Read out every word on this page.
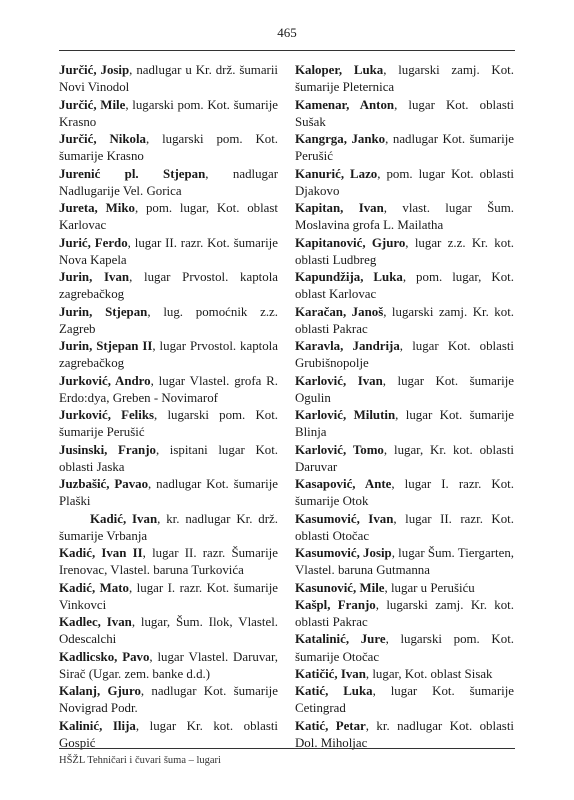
465

Jurčić, Josip, nadlugar u Kr. drž. šumarii Novi Vinodol

Jurčić, Mile, lugarski pom. Kot. šumarije Krasno

Jurčić, Nikola, lugarski pom. Kot. šumarije Krasno

Jurenić pl. Stjepan, nadlugar Nadlugarije Vel. Gorica

Jureta, Miko, pom. lugar, Kot. oblast Karlovac

Jurić, Ferdo, lugar II. razr. Kot. šumarije Nova Kapela

Jurin, Ivan, lugar Prvostol. kaptola zagrebačkog

Jurin, Stjepan, lug. pomoćnik z.z. Zagreb

Jurin, Stjepan II, lugar Prvostol. kaptola zagrebačkog

Jurković, Andro, lugar Vlastel. grofa R. Erdo:dya, Greben - Novimarof

Jurković, Feliks, lugarski pom. Kot. šumarije Perušić

Jusinski, Franjo, ispitani lugar Kot. oblasti Jaska

Juzbašić, Pavao, nadlugar Kot. šumarije Plaški

Kadić, Ivan, kr. nadlugar Kr. drž. šumarije Vrbanja

Kadić, Ivan II, lugar II. razr. Šumarije Irenovac, Vlastel. baruna Turkovića

Kadić, Mato, lugar I. razr. Kot. šumarije Vinkovci

Kadlec, Ivan, lugar, Šum. Ilok, Vlastel. Odescalchi

Kadlicsko, Pavo, lugar Vlastel. Daruvar, Sirač (Ugar. zem. banke d.d.)

Kalanj, Gjuro, nadlugar Kot. šumarije Novigrad Podr.

Kalinić, Ilija, lugar Kr. kot. oblasti Gospić

Kaloper, Luka, lugarski zamj. Kot. šumarije Pleternica

Kamenar, Anton, lugar Kot. oblasti Sušak

Kangrga, Janko, nadlugar Kot. šumarije Perušić

Kanurić, Lazo, pom. lugar Kot. oblasti Djakovo

Kapitan, Ivan, vlast. lugar Šum. Moslavina grofa L. Mailatha

Kapitanović, Gjuro, lugar z.z. Kr. kot. oblasti Ludbreg

Kapundžija, Luka, pom. lugar, Kot. oblast Karlovac

Karačan, Janoš, lugarski zamj. Kr. kot. oblasti Pakrac

Karavla, Jandrija, lugar Kot. oblasti Grubišnopolje

Karlović, Ivan, lugar Kot. šumarije Ogulin

Karlović, Milutin, lugar Kot. šumarije Blinja

Karlović, Tomo, lugar, Kr. kot. oblasti Daruvar

Kasapović, Ante, lugar I. razr. Kot. šumarije Otok

Kasumović, Ivan, lugar II. razr. Kot. oblasti Otočac

Kasumović, Josip, lugar Šum. Tiergarten, Vlastel. baruna Gutmanna

Kasunović, Mile, lugar u Perušiću

Kašpl, Franjo, lugarski zamj. Kr. kot. oblasti Pakrac

Katalinić, Jure, lugarski pom. Kot. šumarije Otočac

Katičić, Ivan, lugar, Kot. oblast Sisak

Katić, Luka, lugar Kot. šumarije Cetingrad

Katić, Petar, kr. nadlugar Kot. oblasti Dol. Miholjac

HŠŽL Tehničari i čuvari šuma – lugari
